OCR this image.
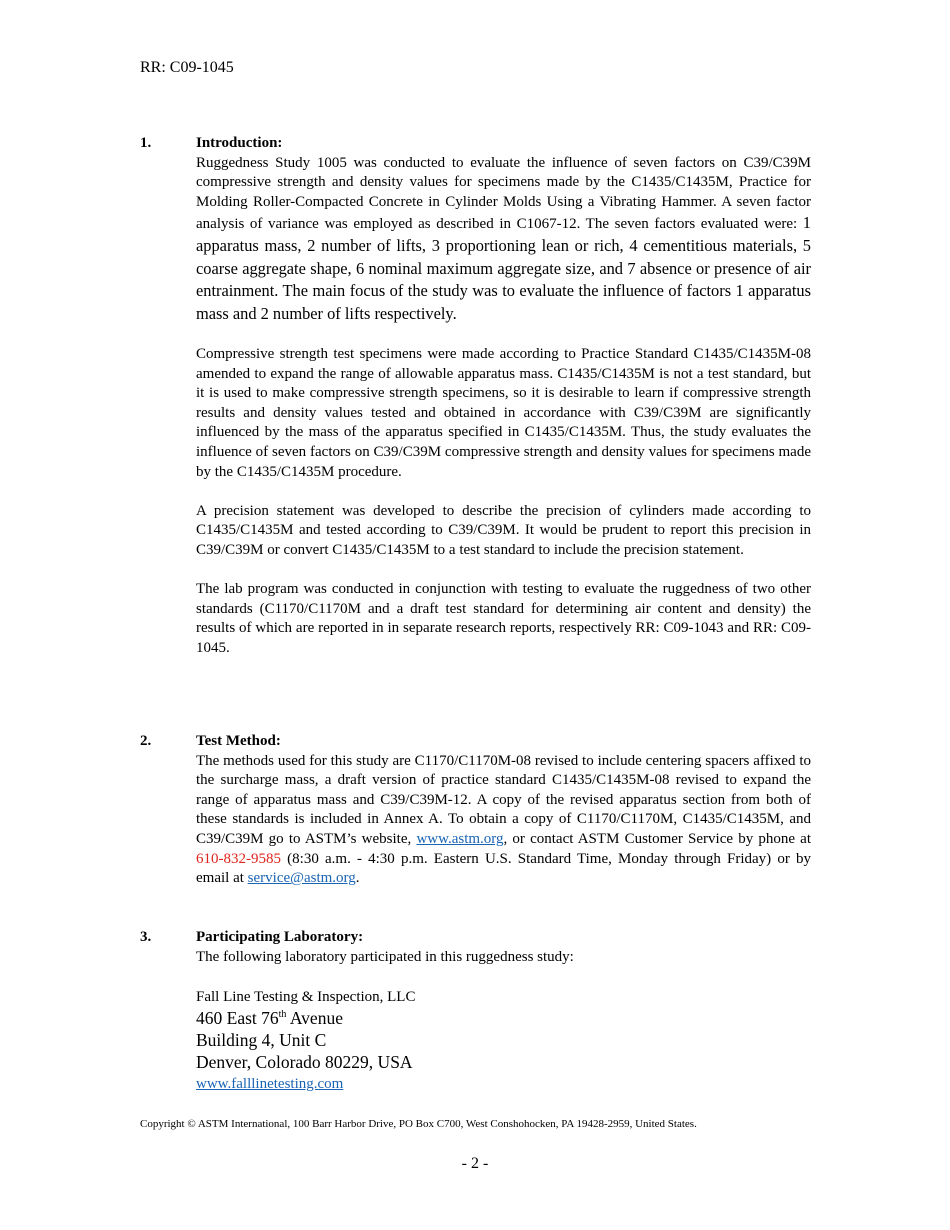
RR: C09-1045
1.	Introduction:

Ruggedness Study 1005 was conducted to evaluate the influence of seven factors on C39/C39M compressive strength and density values for specimens made by the C1435/C1435M, Practice for Molding Roller-Compacted Concrete in Cylinder Molds Using a Vibrating Hammer. A seven factor analysis of variance was employed as described in C1067-12. The seven factors evaluated were: 1 apparatus mass, 2 number of lifts, 3 proportioning lean or rich, 4 cementitious materials, 5 coarse aggregate shape, 6 nominal maximum aggregate size, and 7 absence or presence of air entrainment. The main focus of the study was to evaluate the influence of factors 1 apparatus mass and 2 number of lifts respectively.

Compressive strength test specimens were made according to Practice Standard C1435/C1435M-08 amended to expand the range of allowable apparatus mass. C1435/C1435M is not a test standard, but it is used to make compressive strength specimens, so it is desirable to learn if compressive strength results and density values tested and obtained in accordance with C39/C39M are significantly influenced by the mass of the apparatus specified in C1435/C1435M. Thus, the study evaluates the influence of seven factors on C39/C39M compressive strength and density values for specimens made by the C1435/C1435M procedure.

A precision statement was developed to describe the precision of cylinders made according to C1435/C1435M and tested according to C39/C39M. It would be prudent to report this precision in C39/C39M or convert C1435/C1435M to a test standard to include the precision statement.

The lab program was conducted in conjunction with testing to evaluate the ruggedness of two other standards (C1170/C1170M and a draft test standard for determining air content and density) the results of which are reported in in separate research reports, respectively RR: C09-1043 and RR: C09-1045.

2.	Test Method:

The methods used for this study are C1170/C1170M-08 revised to include centering spacers affixed to the surcharge mass, a draft version of practice standard C1435/C1435M-08 revised to expand the range of apparatus mass and C39/C39M-12. A copy of the revised apparatus section from both of these standards is included in Annex A. To obtain a copy of C1170/C1170M, C1435/C1435M, and C39/C39M go to ASTM’s website, www.astm.org, or contact ASTM Customer Service by phone at 610-832-9585 (8:30 a.m. - 4:30 p.m. Eastern U.S. Standard Time, Monday through Friday) or by email at service@astm.org.

3.	Participating Laboratory:

The following laboratory participated in this ruggedness study:

Fall Line Testing & Inspection, LLC
460 East 76th Avenue
Building 4, Unit C
Denver, Colorado 80229, USA
www.falllinetesting.com
Copyright © ASTM International, 100 Barr Harbor Drive, PO Box C700, West Conshohocken, PA 19428-2959, United States.
- 2 -
